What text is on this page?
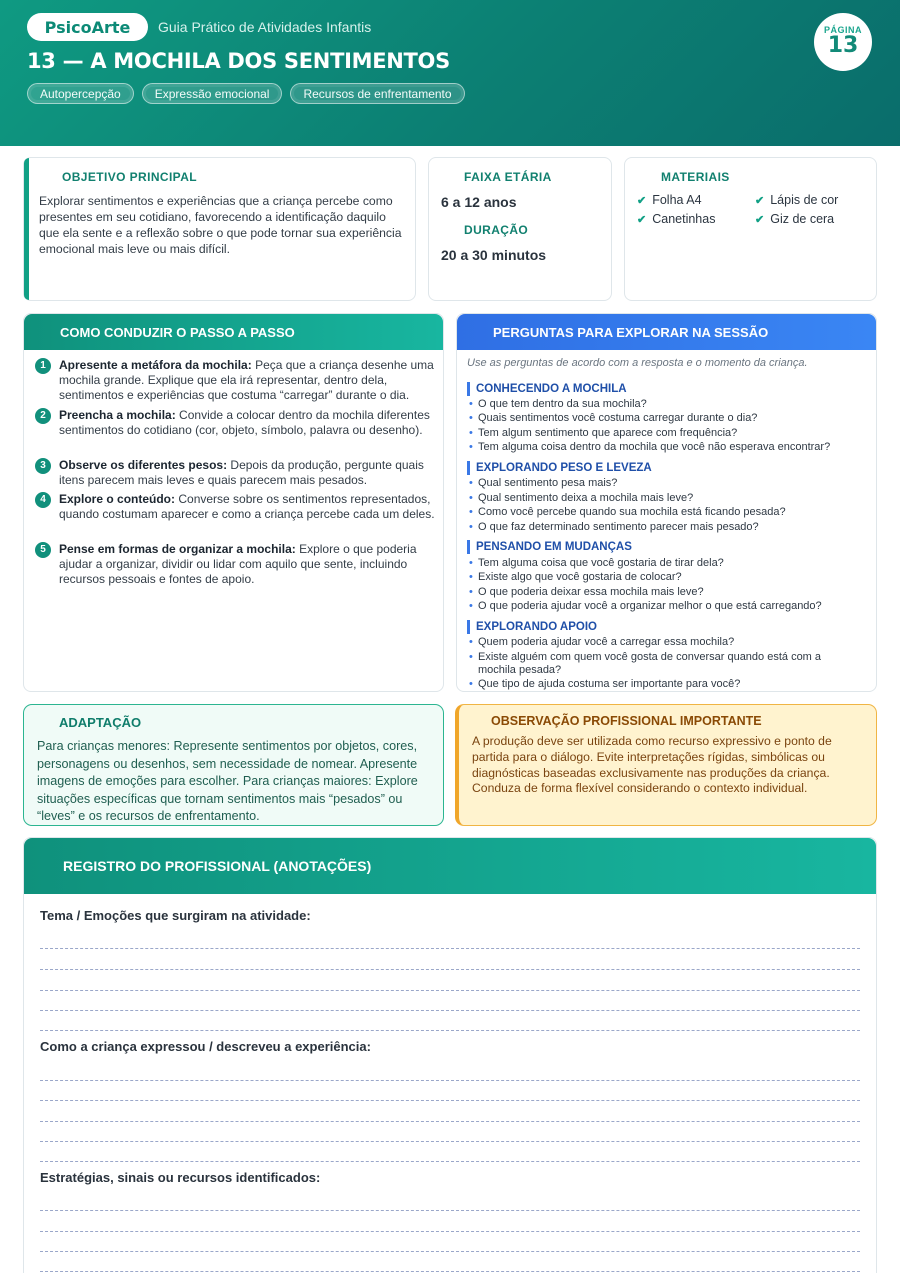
PsicoArte	Guia Prático de Atividades Infantis
13 — A MOCHILA DOS SENTIMENTOS
Autopercepção	Expressão emocional	Recursos de enfrentamento
PÁGINA
13
OBJETIVO PRINCIPAL
Explorar sentimentos e experiências que a criança percebe como presentes em seu cotidiano, favorecendo a identificação daquilo que ela sente e a reflexão sobre o que pode tornar sua experiência emocional mais leve ou mais difícil.
FAIXA ETÁRIA
6 a 12 anos
DURAÇÃO
20 a 30 minutos
MATERIAIS
✔ Folha A4	✔ Lápis de cor
✔ Canetinhas	✔ Giz de cera
COMO CONDUZIR O PASSO A PASSO
1	Apresente a metáfora da mochila: Peça que a criança desenhe uma mochila grande. Explique que ela irá representar, dentro dela, sentimentos e experiências que costuma “carregar” durante o dia.
2	Preencha a mochila: Convide a colocar dentro da mochila diferentes sentimentos do cotidiano (cor, objeto, símbolo, palavra ou desenho).
3	Observe os diferentes pesos: Depois da produção, pergunte quais itens parecem mais leves e quais parecem mais pesados.
4	Explore o conteúdo: Converse sobre os sentimentos representados, quando costumam aparecer e como a criança percebe cada um deles.
5	Pense em formas de organizar a mochila: Explore o que poderia ajudar a organizar, dividir ou lidar com aquilo que sente, incluindo recursos pessoais e fontes de apoio.
PERGUNTAS PARA EXPLORAR NA SESSÃO
Use as perguntas de acordo com a resposta e o momento da criança.
CONHECENDO A MOCHILA
• O que tem dentro da sua mochila?
• Quais sentimentos você costuma carregar durante o dia?
• Tem algum sentimento que aparece com frequência?
• Tem alguma coisa dentro da mochila que você não esperava encontrar?
EXPLORANDO PESO E LEVEZA
• Qual sentimento pesa mais?
• Qual sentimento deixa a mochila mais leve?
• Como você percebe quando sua mochila está ficando pesada?
• O que faz determinado sentimento parecer mais pesado?
PENSANDO EM MUDANÇAS
• Tem alguma coisa que você gostaria de tirar dela?
• Existe algo que você gostaria de colocar?
• O que poderia deixar essa mochila mais leve?
• O que poderia ajudar você a organizar melhor o que está carregando?
EXPLORANDO APOIO
• Quem poderia ajudar você a carregar essa mochila?
• Existe alguém com quem você gosta de conversar quando está com a mochila pesada?
• Que tipo de ajuda costuma ser importante para você?
ADAPTAÇÃO
Para crianças menores: Represente sentimentos por objetos, cores, personagens ou desenhos, sem necessidade de nomear. Apresente imagens de emoções para escolher. Para crianças maiores: Explore situações específicas que tornam sentimentos mais “pesados” ou “leves” e os recursos de enfrentamento.
OBSERVAÇÃO PROFISSIONAL IMPORTANTE
A produção deve ser utilizada como recurso expressivo e ponto de partida para o diálogo. Evite interpretações rígidas, simbólicas ou diagnósticas baseadas exclusivamente nas produções da criança. Conduza de forma flexível considerando o contexto individual.
REGISTRO DO PROFISSIONAL (ANOTAÇÕES)
Tema / Emoções que surgiram na atividade:
Como a criança expressou / descreveu a experiência:
Estratégias, sinais ou recursos identificados:
